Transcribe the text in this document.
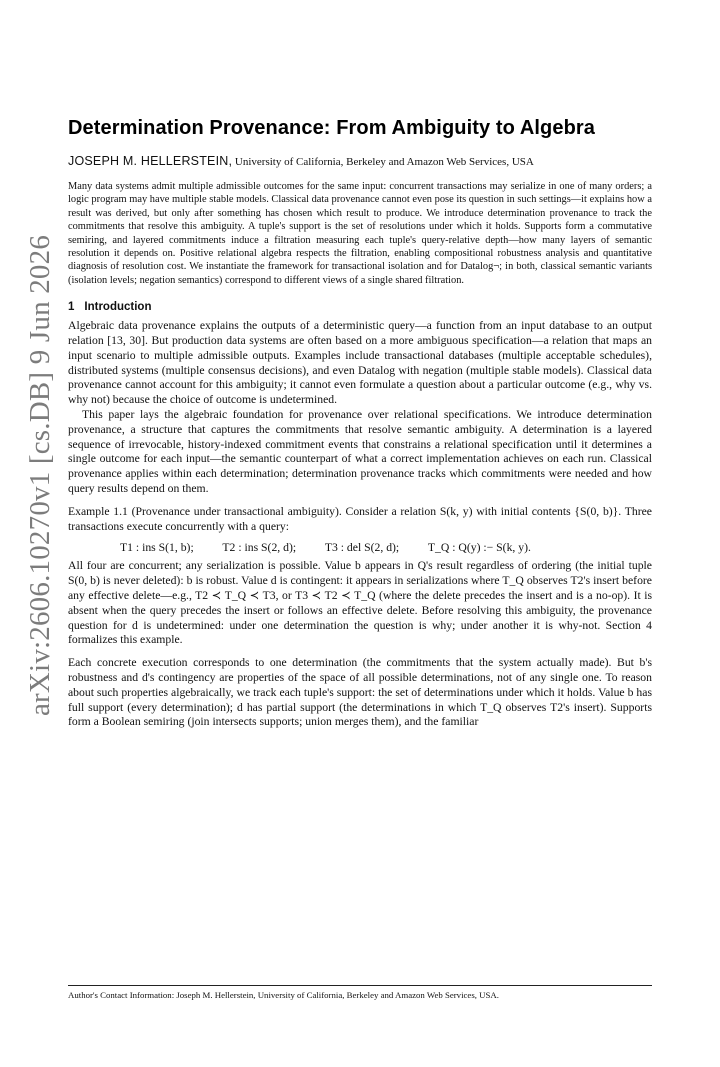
arXiv:2606.10270v1 [cs.DB] 9 Jun 2026
Determination Provenance: From Ambiguity to Algebra
JOSEPH M. HELLERSTEIN, University of California, Berkeley and Amazon Web Services, USA

Many data systems admit multiple admissible outcomes for the same input: concurrent transactions may serialize in one of many orders; a logic program may have multiple stable models. Classical data provenance cannot even pose its question in such settings—it explains how a result was derived, but only after something has chosen which result to produce. We introduce determination provenance to track the commitments that resolve this ambiguity. A tuple's support is the set of resolutions under which it holds. Supports form a commutative semiring, and layered commitments induce a filtration measuring each tuple's query-relative depth—how many layers of semantic resolution it depends on. Positive relational algebra respects the filtration, enabling compositional robustness analysis and quantitative diagnosis of resolution cost. We instantiate the framework for transactional isolation and for Datalog¬; in both, classical semantic variants (isolation levels; negation semantics) correspond to different views of a single shared filtration.

1 Introduction

Algebraic data provenance explains the outputs of a deterministic query—a function from an input database to an output relation [13, 30]. But production data systems are often based on a more ambiguous specification—a relation that maps an input scenario to multiple admissible outputs. Examples include transactional databases (multiple acceptable schedules), distributed systems (multiple consensus decisions), and even Datalog with negation (multiple stable models). Classical data provenance cannot account for this ambiguity; it cannot even formulate a question about a particular outcome (e.g., why vs. why not) because the choice of outcome is undetermined.

This paper lays the algebraic foundation for provenance over relational specifications. We introduce determination provenance, a structure that captures the commitments that resolve semantic ambiguity. A determination is a layered sequence of irrevocable, history-indexed commitment events that constrains a relational specification until it determines a single outcome for each input—the semantic counterpart of what a correct implementation achieves on each run. Classical provenance applies within each determination; determination provenance tracks which commitments were needed and how query results depend on them.

Example 1.1 (Provenance under transactional ambiguity). Consider a relation S(k, y) with initial contents {S(0, b)}. Three transactions execute concurrently with a query:

T1 : ins S(1, b); T2 : ins S(2, d); T3 : del S(2, d); T_Q : Q(y) :− S(k, y).

All four are concurrent; any serialization is possible. Value b appears in Q's result regardless of ordering (the initial tuple S(0, b) is never deleted): b is robust. Value d is contingent: it appears in serializations where T_Q observes T2's insert before any effective delete—e.g., T2 ≺ T_Q ≺ T3, or T3 ≺ T2 ≺ T_Q (where the delete precedes the insert and is a no-op). It is absent when the query precedes the insert or follows an effective delete. Before resolving this ambiguity, the provenance question for d is undetermined: under one determination the question is why; under another it is why-not. Section 4 formalizes this example.

Each concrete execution corresponds to one determination (the commitments that the system actually made). But b's robustness and d's contingency are properties of the space of all possible determinations, not of any single one. To reason about such properties algebraically, we track each tuple's support: the set of determinations under which it holds. Value b has full support (every determination); d has partial support (the determinations in which T_Q observes T2's insert). Supports form a Boolean semiring (join intersects supports; union merges them), and the familiar

Author's Contact Information: Joseph M. Hellerstein, University of California, Berkeley and Amazon Web Services, USA.
